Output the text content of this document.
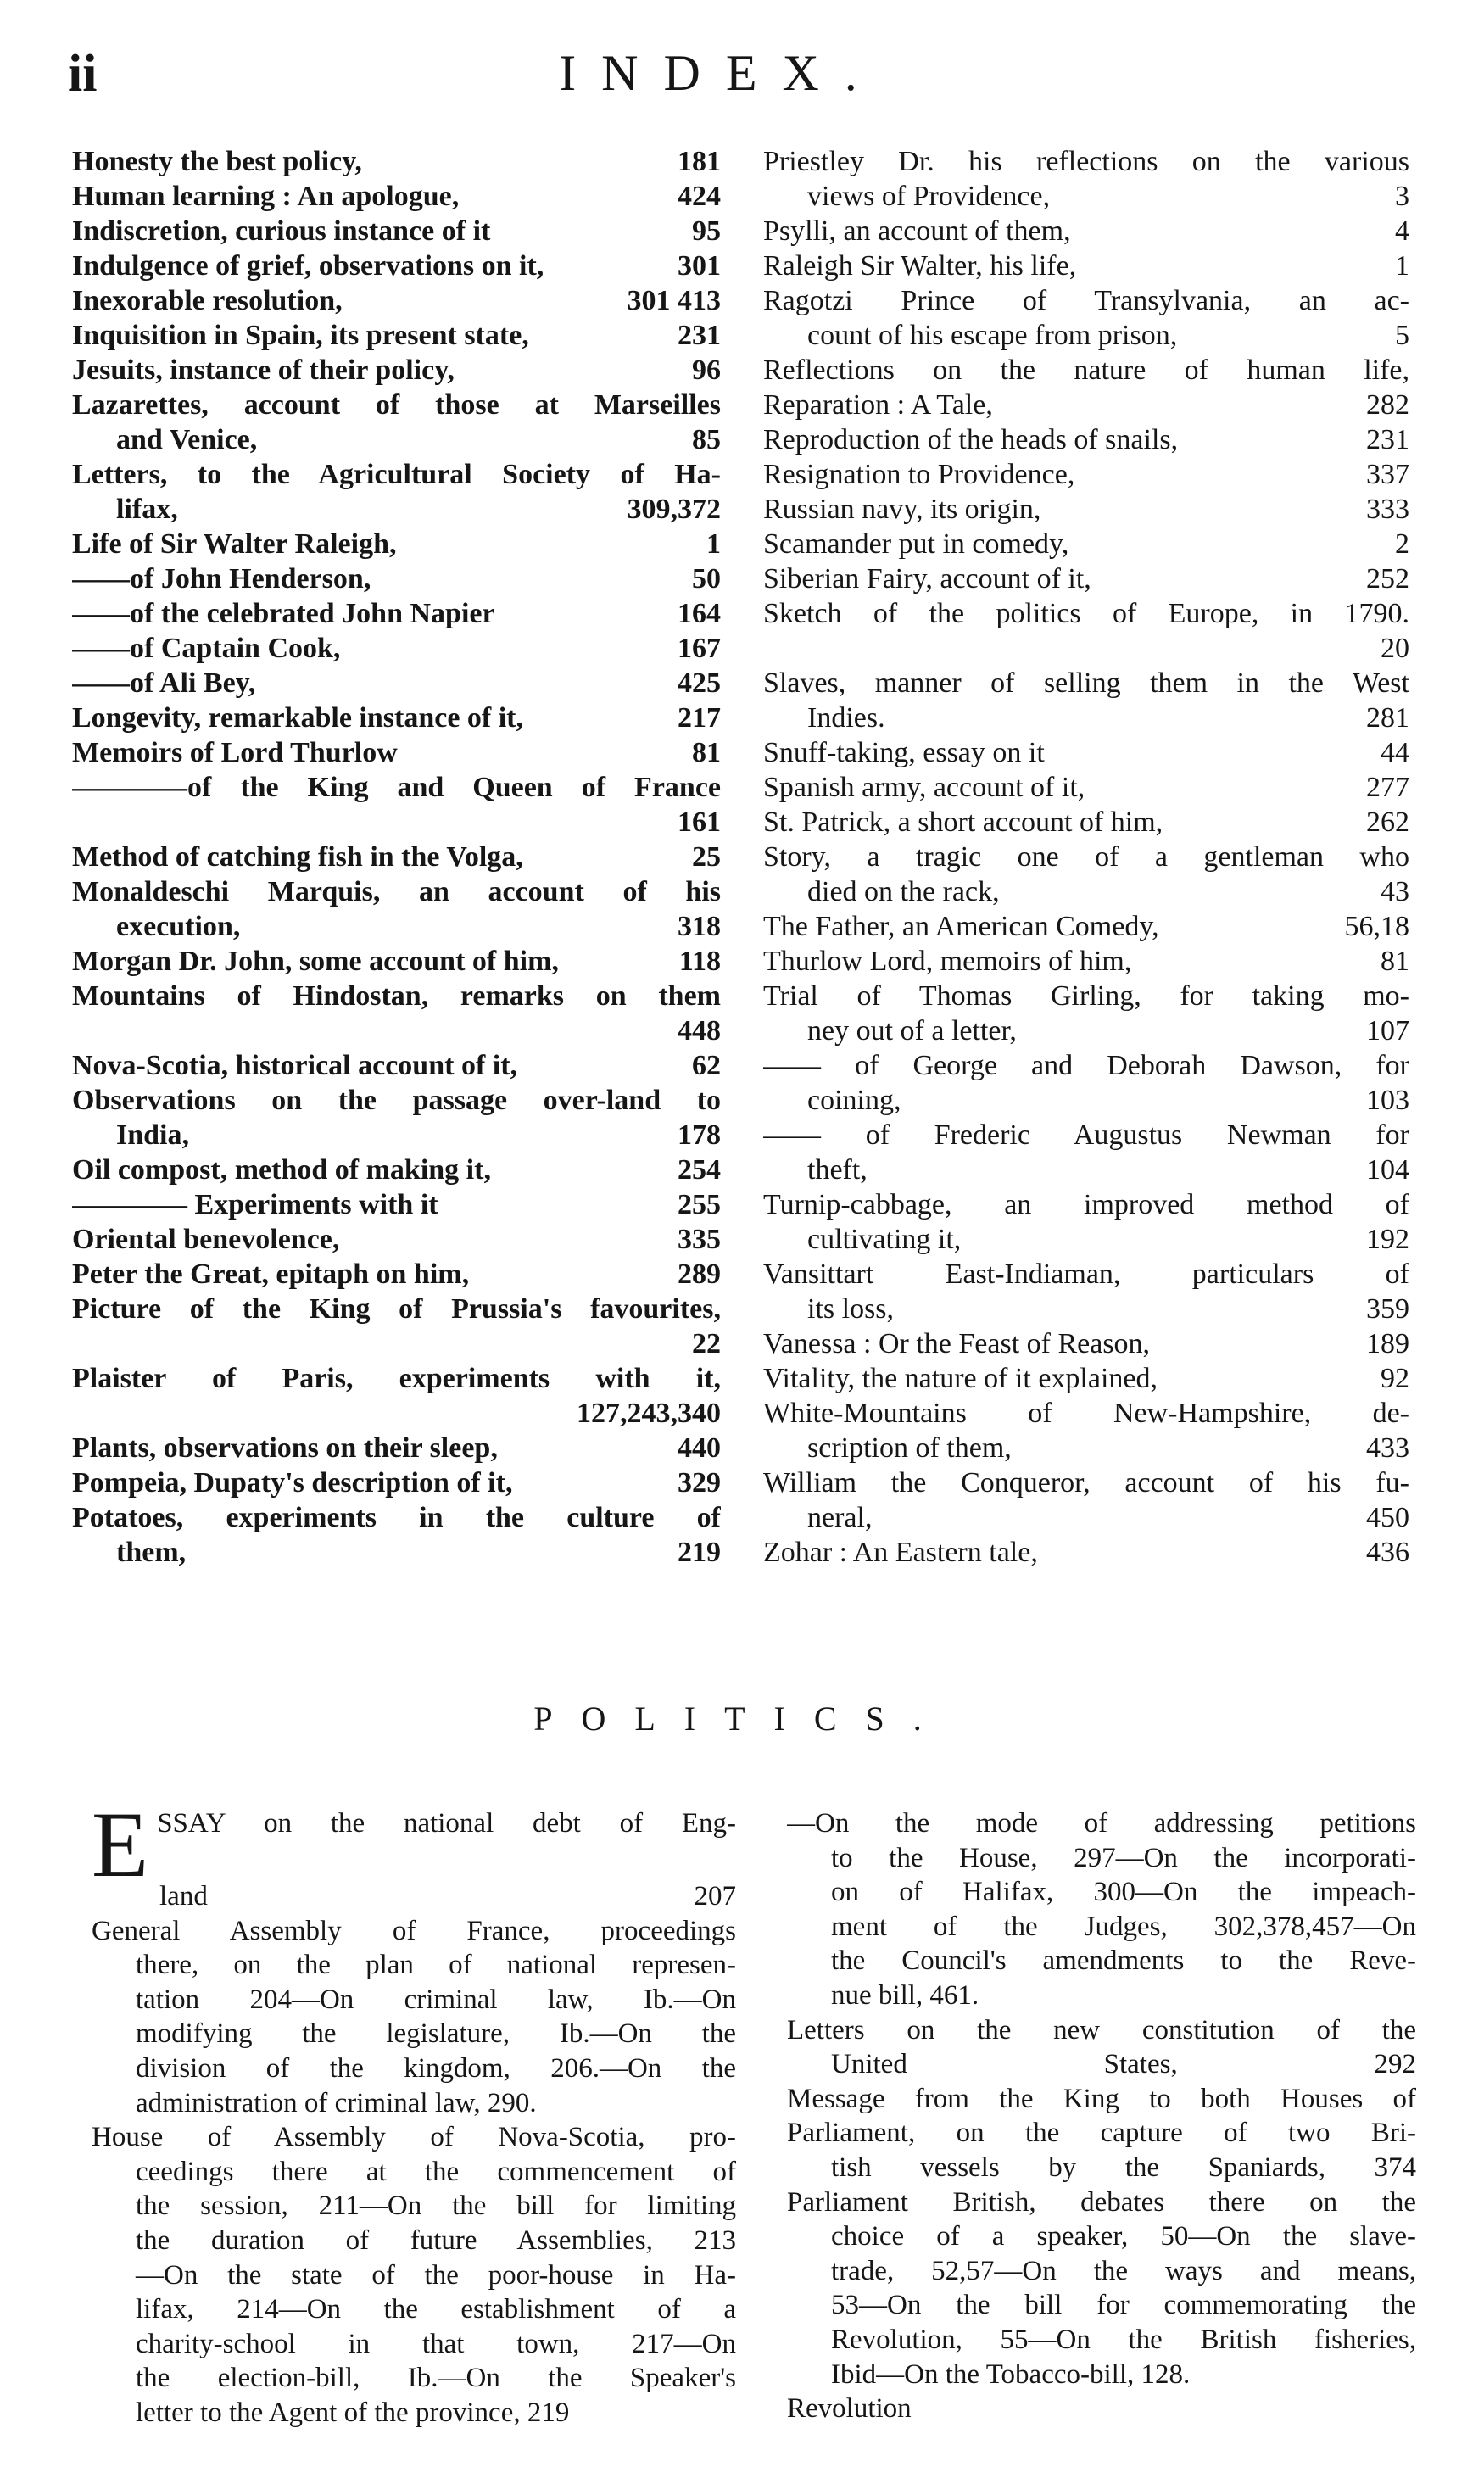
ii	INDEX.
181
Honesty the best policy,
424
Human learning : An apologue,
95
Indiscretion, curious instance of it
301
Indulgence of grief, observations on it,
301 413
Inexorable resolution,
231
Inquisition in Spain, its present state,
96
Jesuits, instance of their policy,
Lazarettes, account of those at Marseilles
85
and Venice,
Letters, to the Agricultural Society of Ha-
309,372
lifax,
1
Life of Sir Walter Raleigh,
50
——of John Henderson,
164
——of the celebrated John Napier
167
——of Captain Cook,
425
——of Ali Bey,
217
Longevity, remarkable instance of it,
81
Memoirs of Lord Thurlow
————of the King and Queen of France
161
25
Method of catching fish in the Volga,
Monaldeschi Marquis, an account of his
318
execution,
118
Morgan Dr. John, some account of him,
Mountains of Hindostan, remarks on them
448
62
Nova-Scotia, historical account of it,
Observations on the passage over-land to
178
India,
254
Oil compost, method of making it,
255
———— Experiments with it
335
Oriental benevolence,
289
Peter the Great, epitaph on him,
Picture of the King of Prussia's favourites,
22
Plaister of Paris, experiments with it,
127,243,340
440
Plants, observations on their sleep,
329
Pompeia, Dupaty's description of it,
Potatoes, experiments in the culture of
219
them,
Priestley Dr. his reflections on the various
3
views of Providence,
4
Psylli, an account of them,
1
Raleigh Sir Walter, his life,
Ragotzi Prince of Transylvania, an ac-
5
count of his escape from prison,
Reflections on the nature of human life,
282
Reparation : A Tale,
231
Reproduction of the heads of snails,
337
Resignation to Providence,
333
Russian navy, its origin,
2
Scamander put in comedy,
252
Siberian Fairy, account of it,
Sketch of the politics of Europe, in 1790.
20
Slaves, manner of selling them in the West
281
Indies.
44
Snuff-taking, essay on it
277
Spanish army, account of it,
262
St. Patrick, a short account of him,
Story, a tragic one of a gentleman who
43
died on the rack,
56,18
The Father, an American Comedy,
81
Thurlow Lord, memoirs of him,
Trial of Thomas Girling, for taking mo-
107
ney out of a letter,
—— of George and Deborah Dawson, for
103
coining,
—— of Frederic Augustus Newman for
104
theft,
Turnip-cabbage, an improved method of
192
cultivating it,
Vansittart East-Indiaman, particulars of
359
its loss,
189
Vanessa : Or the Feast of Reason,
92
Vitality, the nature of it explained,
White-Mountains of New-Hampshire, de-
433
scription of them,
William the Conqueror, account of his fu-
450
neral,
436
Zohar : An Eastern tale,
POLITICS.
ESSAY on the national debt of Eng-
land 207
General Assembly of France, proceedings
there, on the plan of national represen-
tation 204—On criminal law, Ib.—On
modifying the legislature, Ib.—On the
division of the kingdom, 206.—On the
administration of criminal law, 290.
House of Assembly of Nova-Scotia, pro-
ceedings there at the commencement of
the session, 211—On the bill for limiting
the duration of future Assemblies, 213
—On the state of the poor-house in Ha-
lifax, 214—On the establishment of a
charity-school in that town, 217—On
the election-bill, Ib.—On the Speaker's
letter to the Agent of the province, 219
—On the mode of addressing petitions
to the House, 297—On the incorporati-
on of Halifax, 300—On the impeach-
ment of the Judges, 302,378,457—On
the Council's amendments to the Reve-
nue bill, 461.
Letters on the new constitution of the
United States, 292
Message from the King to both Houses of
Parliament, on the capture of two Bri-
tish vessels by the Spaniards, 374
Parliament British, debates there on the
choice of a speaker, 50—On the slave-
trade, 52,57—On the ways and means,
53—On the bill for commemorating the
Revolution, 55—On the British fisheries,
Ibid—On the Tobacco-bill, 128.
Revolution
